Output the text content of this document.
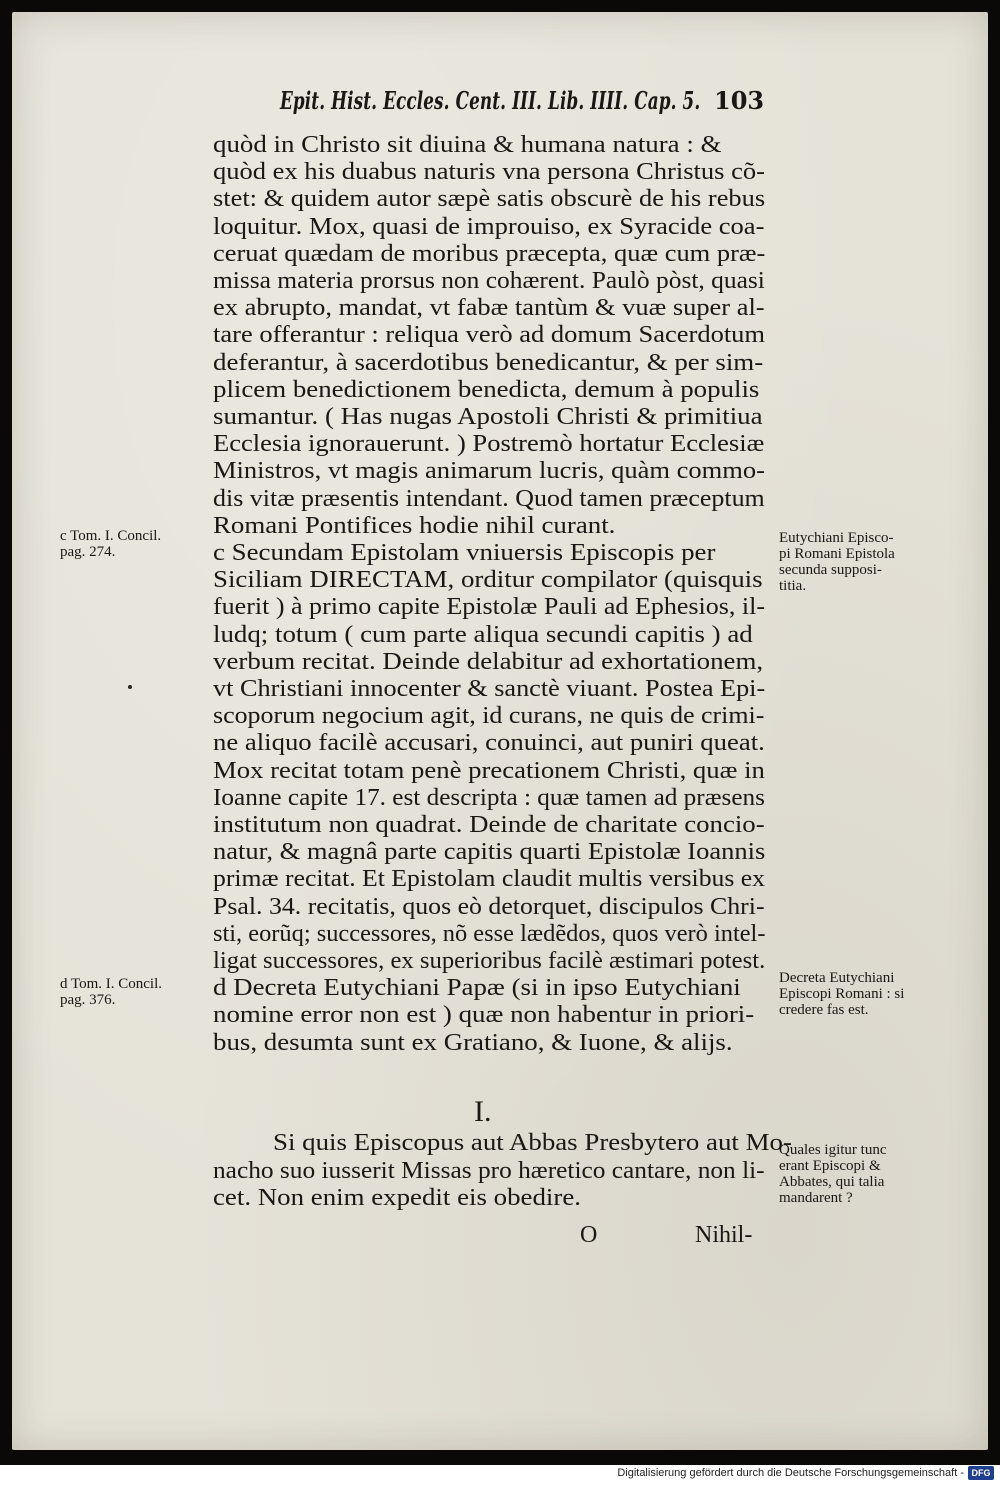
Epit. Hist. Eccles. Cent. III. Lib. IIII. Cap. 5. 103
quòd in Christo sit diuina & humana natura : &
quòd ex his duabus naturis vna persona Christus cõ-
stet: & quidem autor sæpè satis obscurè de his rebus
loquitur. Mox, quasi de improuiso, ex Syracide coa-
ceruat quædam de moribus præcepta, quæ cum præ-
missa materia prorsus non cohærent. Paulò pòst, quasi
ex abrupto, mandat, vt fabæ tantùm & vuæ super al-
tare offerantur : reliqua verò ad domum Sacerdotum
deferantur, à sacerdotibus benedicantur, & per sim-
plicem benedictionem benedicta, demum à populis
sumantur. ( Has nugas Apostoli Christi & primitiua
Ecclesia ignorauerunt. ) Postremò hortatur Ecclesiæ
Ministros, vt magis animarum lucris, quàm commo-
dis vitæ præsentis intendant. Quod tamen præceptum
Romani Pontifices hodie nihil curant.
c Secundam Epistolam vniuersis Episcopis per
Siciliam DIRECTAM, orditur compilator (quisquis
fuerit ) à primo capite Epistolæ Pauli ad Ephesios, il-
ludq; totum ( cum parte aliqua secundi capitis ) ad
verbum recitat. Deinde delabitur ad exhortationem,
vt Christiani innocenter & sanctè viuant. Postea Epi-
scoporum negocium agit, id curans, ne quis de crimi-
ne aliquo facilè accusari, conuinci, aut puniri queat.
Mox recitat totam penè precationem Christi, quæ in
Ioanne capite 17. est descripta : quæ tamen ad præsens
institutum non quadrat. Deinde de charitate concio-
natur, & magnâ parte capitis quarti Epistolæ Ioannis
primæ recitat. Et Epistolam claudit multis versibus ex
Psal. 34. recitatis, quos eò detorquet, discipulos Chri-
sti, eorũq; successores, nõ esse lædẽdos, quos verò intel-
ligat successores, ex superioribus facilè æstimari potest.
d Decreta Eutychiani Papæ (si in ipso Eutychiani
nomine error non est ) quæ non habentur in priori-
bus, desumta sunt ex Gratiano, & Iuone, & alijs.
c Tom. I. Concil.
pag. 274.
d Tom. I. Concil.
pag. 376.
Eutychiani Episco-
pi Romani Epistola
secunda supposi-
titia.
Decreta Eutychiani
Episcopi Romani : si
credere fas est.
Quales igitur tunc
erant Episcopi &
Abbates, qui talia
mandarent ?
I.
Si quis Episcopus aut Abbas Presbytero aut Mo-
nacho suo iusserit Missas pro hæretico cantare, non li-
cet. Non enim expedit eis obedire.
O	Nihil-
Digitalisierung gefördert durch die Deutsche Forschungsgemeinschaft - DFG
